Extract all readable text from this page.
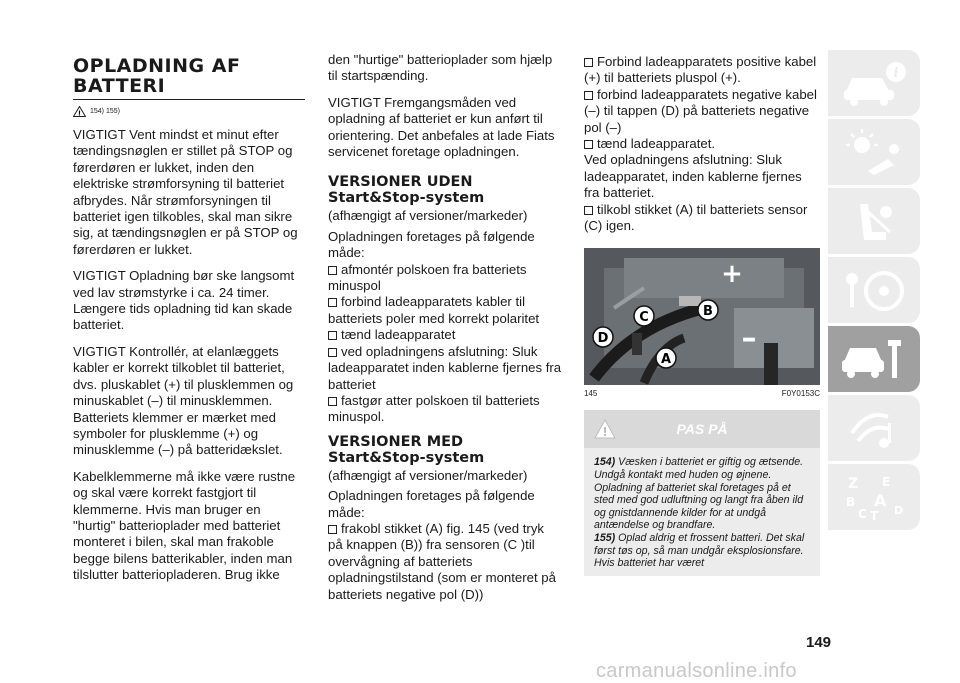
OPLADNING AF BATTERI
! 154) 155)

VIGTIGT Vent mindst et minut efter tændingsnøglen er stillet på STOP og førerdøren er lukket, inden den elektriske strømforsyning til batteriet afbrydes. Når strømforsyningen til batteriet igen tilkobles, skal man sikre sig, at tændingsnøglen er på STOP og førerdøren er lukket.

VIGTIGT Opladning bør ske langsomt ved lav strømstyrke i ca. 24 timer. Længere tids opladning tid kan skade batteriet.

VIGTIGT Kontrollér, at elanlæggets kabler er korrekt tilkoblet til batteriet, dvs. pluskablet (+) til plusklemmen og minuskablet (–) til minusklemmen. Batteriets klemmer er mærket med symboler for plusklemme (+) og minusklemme (–) på batteridækslet.

Kabelklemmerne må ikke være rustne og skal være korrekt fastgjort til klemmerne. Hvis man bruger en "hurtig" batterioplader med batteriet monteret i bilen, skal man frakoble begge bilens batterikabler, inden man tilslutter batteriopladeren. Brug ikke

den "hurtige" batterioplader som hjælp til startspænding.

VIGTIGT Fremgangsmåden ved opladning af batteriet er kun anført til orientering. Det anbefales at lade Fiats servicenet foretage opladningen.

VERSIONER UDEN Start&Stop-system

(afhængigt af versioner/markeder)

Opladningen foretages på følgende måde:

afmontér polskoen fra batteriets minuspol
forbind ladeapparatets kabler til batteriets poler med korrekt polaritet
tænd ladeapparatet
ved opladningens afslutning: Sluk ladeapparatet inden kablerne fjernes fra batteriet
fastgør atter polskoen til batteriets minuspol.
VERSIONER MED Start&Stop-system

(afhængigt af versioner/markeder)

Opladningen foretages på følgende måde:

frakobl stikket (A) fig. 145 (ved tryk på knappen (B)) fra sensoren (C )til overvågning af batteriets opladningstilstand (som er monteret på batteriets negative pol (D))
Forbind ladeapparatets positive kabel (+) til batteriets pluspol (+).
forbind ladeapparatets negative kabel (–) til tappen (D) på batteriets negative pol (–)
tænd ladeapparatet.

Ved opladningens afslutning: Sluk ladeapparatet, inden kablerne fjernes fra batteriet.

tilkobl stikket (A) til batteriets sensor (C) igen.
+
–
B
C
D
A
145	F0Y0153C
!	PAS PÅ
154) Væsken i batteriet er giftig og ætsende. Undgå kontakt med huden og øjnene. Opladning af batteriet skal foretages på et sted med god udluftning og langt fra åben ild og gnistdannende kilder for at undgå antændelse og brandfare.
155) Oplad aldrig et frossent batteri. Det skal først tøs op, så man undgår eksplosionsfare. Hvis batteriet har været
149
carmanualsonline.info
i
Z E
B A
C T D
